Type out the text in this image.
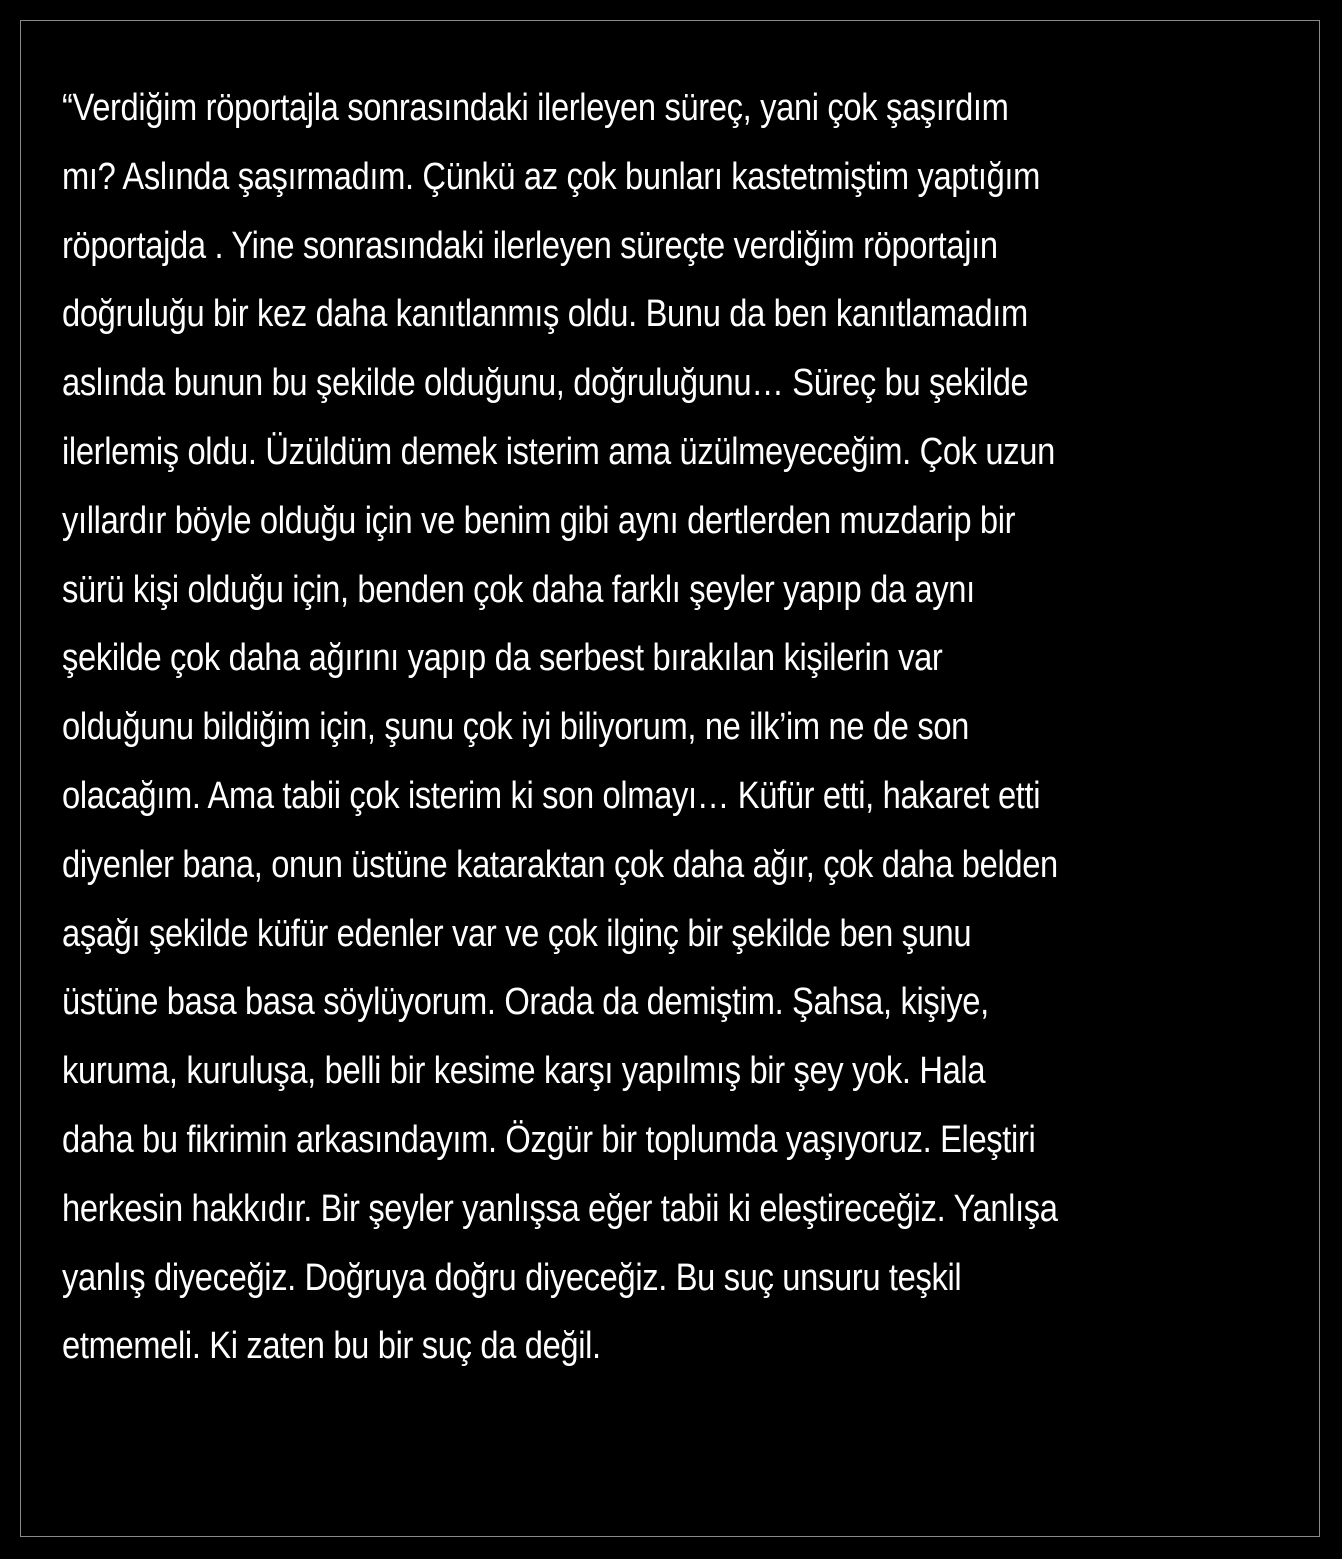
“Verdiğim röportajla sonrasındaki ilerleyen süreç, yani çok şaşırdım
mı? Aslında şaşırmadım. Çünkü az çok bunları kastetmiştim yaptığım
röportajda . Yine sonrasındaki ilerleyen süreçte verdiğim röportajın
doğruluğu bir kez daha kanıtlanmış oldu. Bunu da ben kanıtlamadım
aslında bunun bu şekilde olduğunu, doğruluğunu… Süreç bu şekilde
ilerlemiş oldu. Üzüldüm demek isterim ama üzülmeyeceğim. Çok uzun
yıllardır böyle olduğu için ve benim gibi aynı dertlerden muzdarip bir
sürü kişi olduğu için, benden çok daha farklı şeyler yapıp da aynı
şekilde çok daha ağırını yapıp da serbest bırakılan kişilerin var
olduğunu bildiğim için, şunu çok iyi biliyorum, ne ilk’im ne de son
olacağım. Ama tabii çok isterim ki son olmayı… Küfür etti, hakaret etti
diyenler bana, onun üstüne kataraktan çok daha ağır, çok daha belden
aşağı şekilde küfür edenler var ve çok ilginç bir şekilde ben şunu
üstüne basa basa söylüyorum. Orada da demiştim. Şahsa, kişiye,
kuruma, kuruluşa, belli bir kesime karşı yapılmış bir şey yok. Hala
daha bu fikrimin arkasındayım. Özgür bir toplumda yaşıyoruz. Eleştiri
herkesin hakkıdır. Bir şeyler yanlışsa eğer tabii ki eleştireceğiz. Yanlışa
yanlış diyeceğiz. Doğruya doğru diyeceğiz. Bu suç unsuru teşkil
etmemeli. Ki zaten bu bir suç da değil.
